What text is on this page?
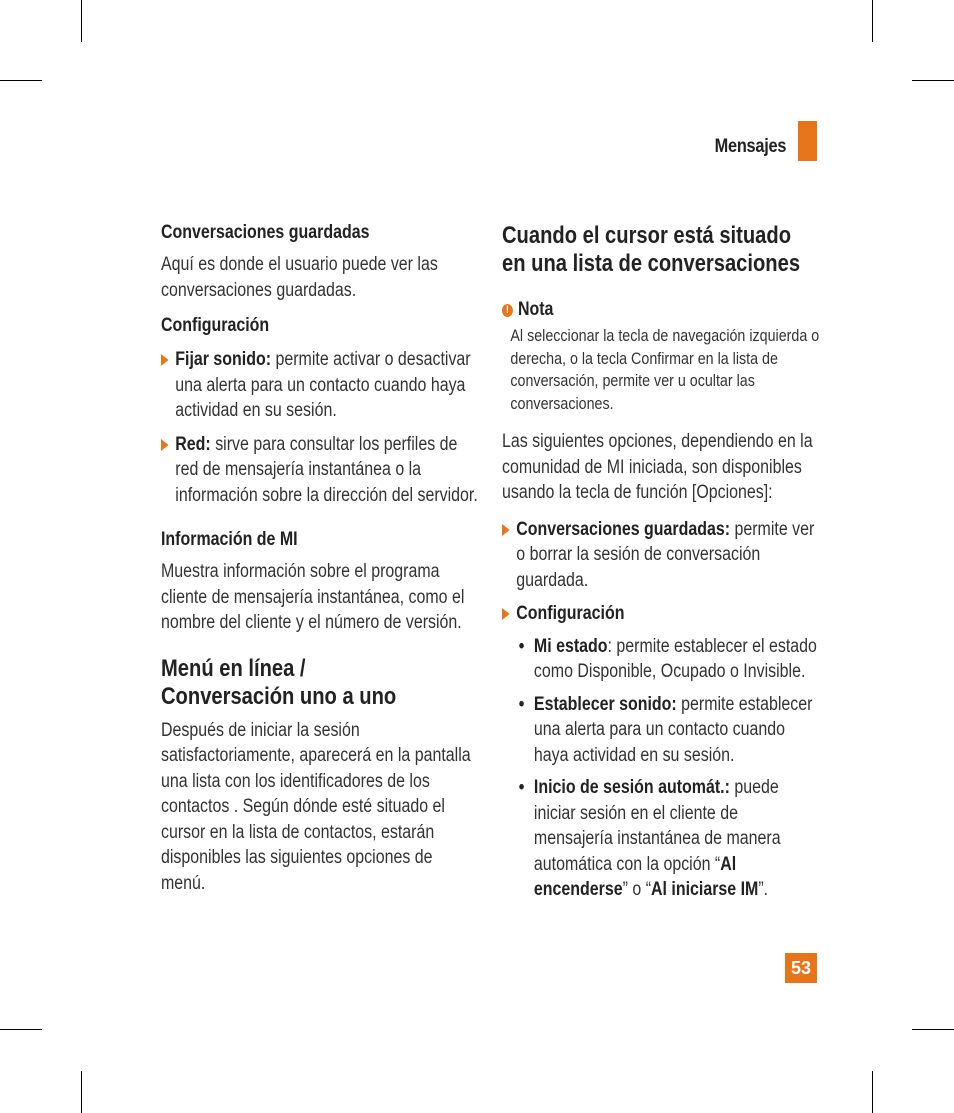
Mensajes

Conversaciones guardadas

Aquí es donde el usuario puede ver las conversaciones guardadas.

Configuración

Fijar sonido: permite activar o desactivar una alerta para un contacto cuando haya actividad en su sesión.
Red: sirve para consultar los perfiles de red de mensajería instantánea o la información sobre la dirección del servidor.

Información de MI

Muestra información sobre el programa cliente de mensajería instantánea, como el nombre del cliente y el número de versión.

Menú en línea /

Conversación uno a uno

Después de iniciar la sesión satisfactoriamente, aparecerá en la pantalla una lista con los identificadores de los contactos . Según dónde esté situado el cursor en la lista de contactos, estarán disponibles las siguientes opciones de menú.

Cuando el cursor está situado

en una lista de conversaciones

! Nota

Al seleccionar la tecla de navegación izquierda o derecha, o la tecla Confirmar en la lista de conversación, permite ver u ocultar las conversaciones.

Las siguientes opciones, dependiendo en la comunidad de MI iniciada, son disponibles usando la tecla de función [Opciones]:

Conversaciones guardadas: permite ver o borrar la sesión de conversación guardada.
Configuración
• Mi estado: permite establecer el estado como Disponible, Ocupado o Invisible.
• Establecer sonido: permite establecer una alerta para un contacto cuando haya actividad en su sesión.
• Inicio de sesión automát.: puede iniciar sesión en el cliente de mensajería instantánea de manera automática con la opción “Al encenderse” o “Al iniciarse IM”.
53
